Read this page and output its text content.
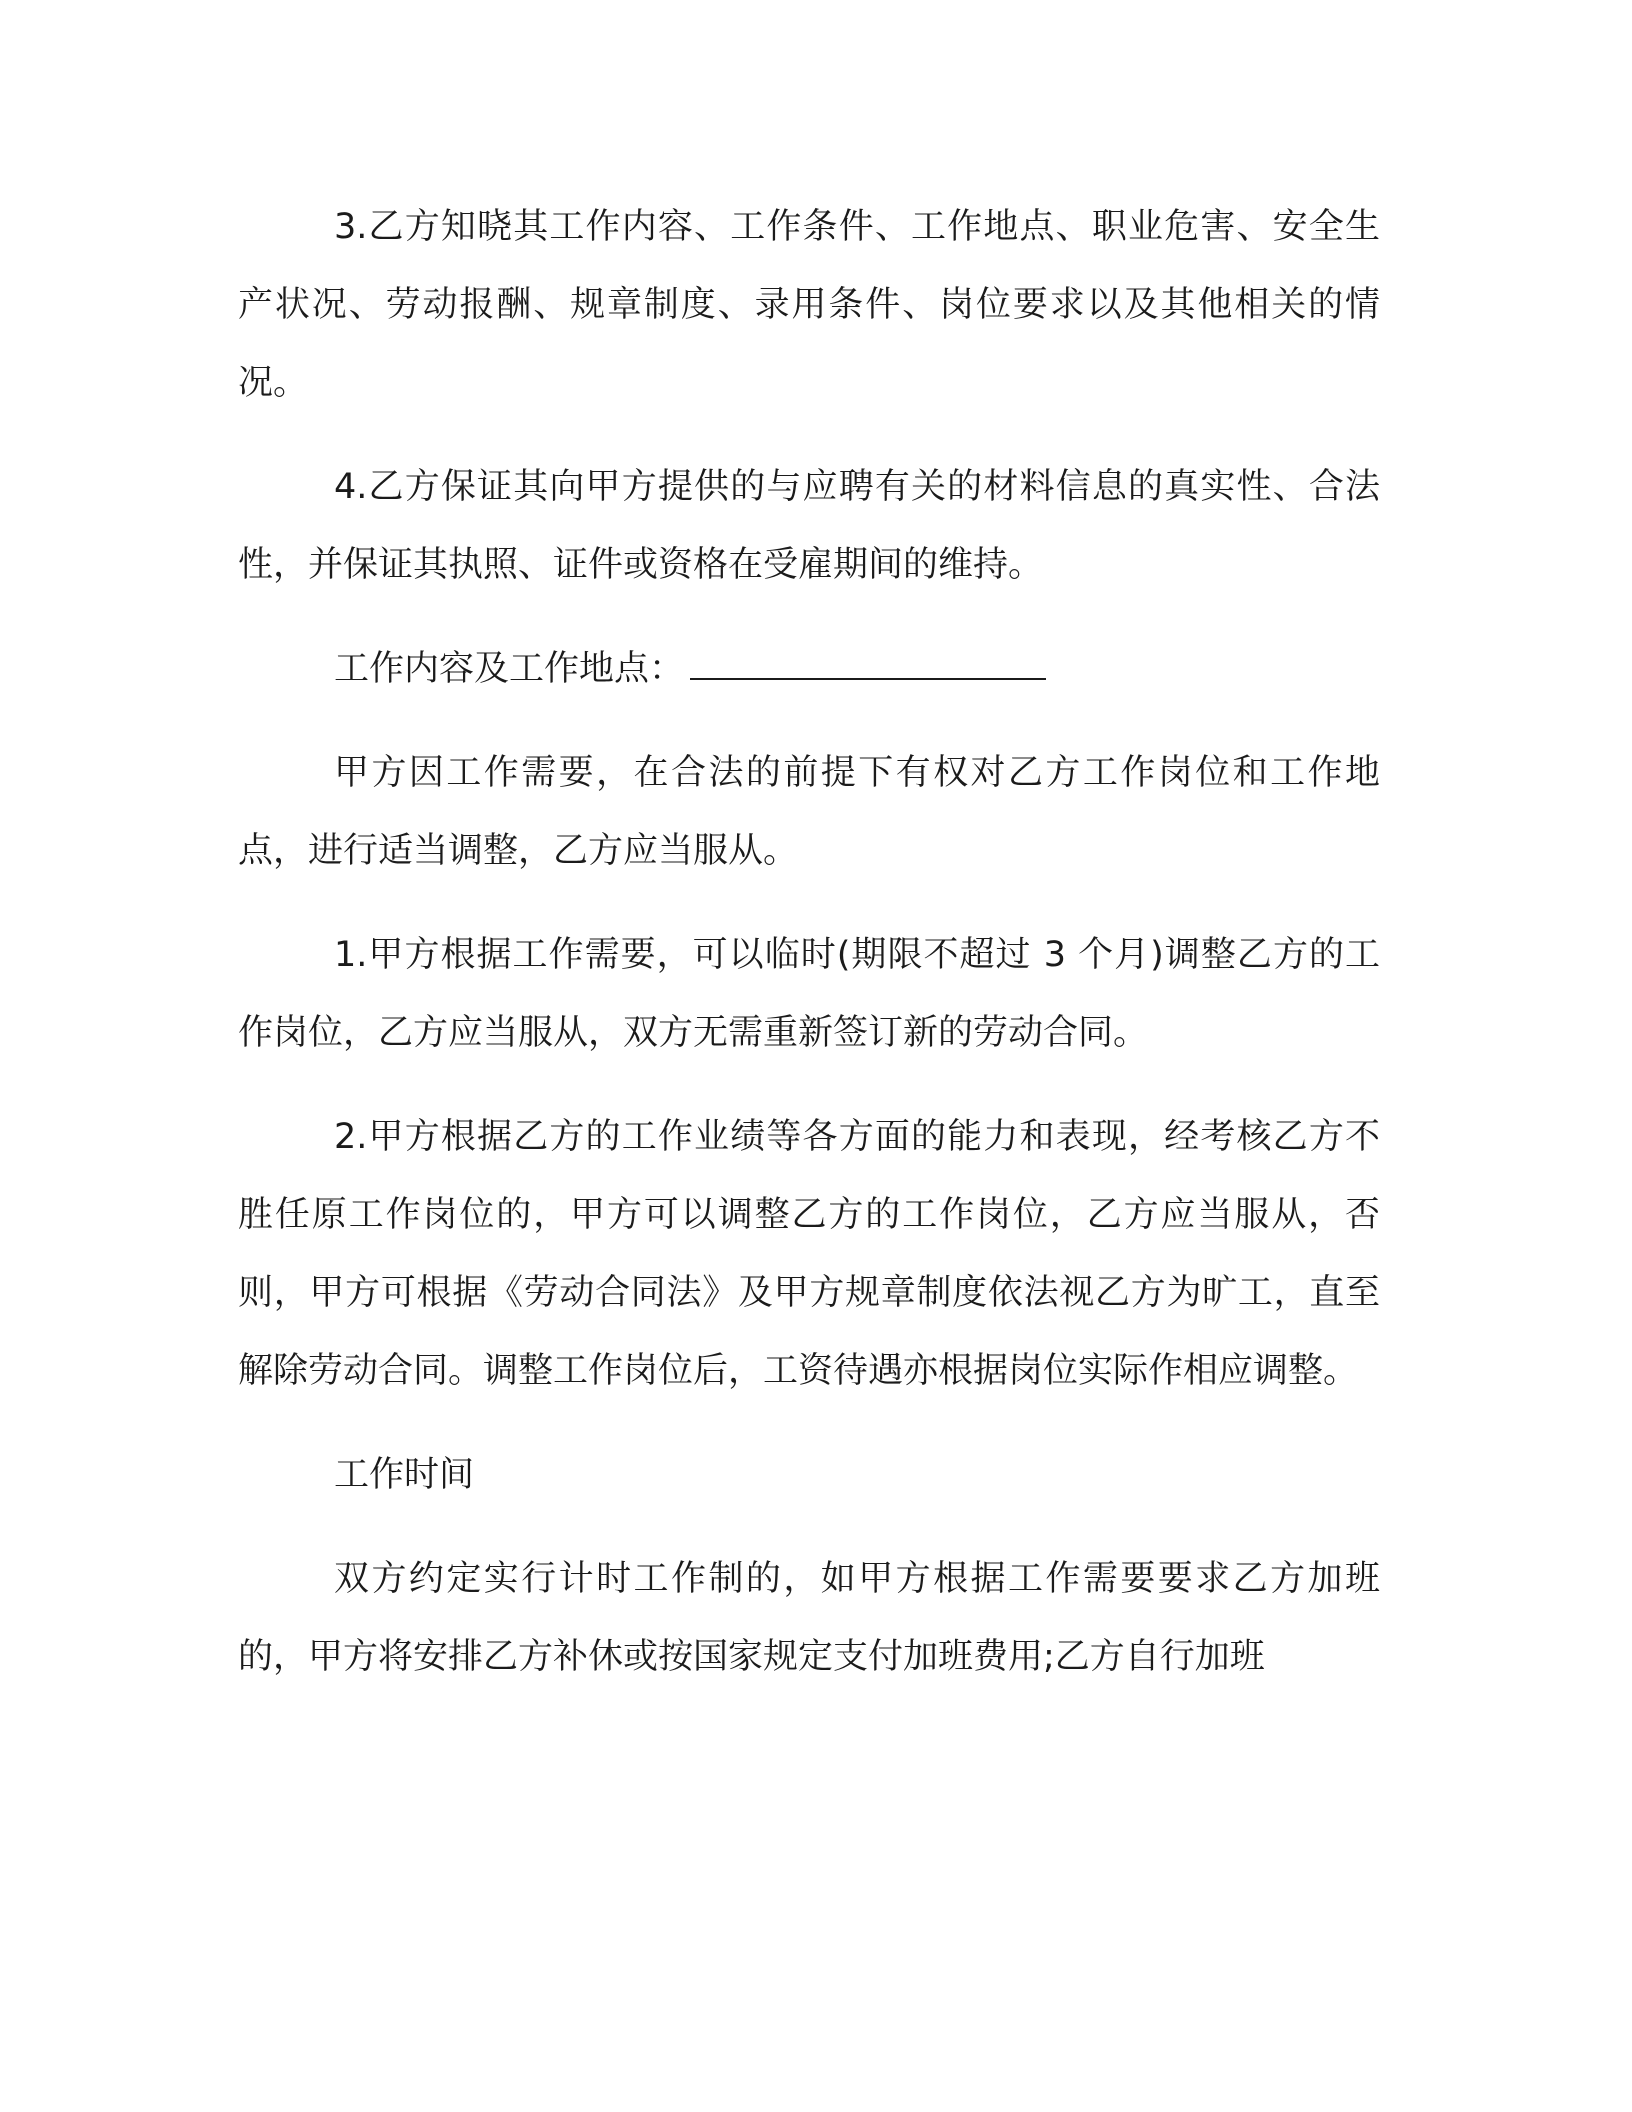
3.乙方知晓其工作内容、工作条件、工作地点、职业危害、安全生产状况、劳动报酬、规章制度、录用条件、岗位要求以及其他相关的情况。

4.乙方保证其向甲方提供的与应聘有关的材料信息的真实性、合法性，并保证其执照、证件或资格在受雇期间的维持。

工作内容及工作地点：

甲方因工作需要，在合法的前提下有权对乙方工作岗位和工作地点，进行适当调整，乙方应当服从。

1.甲方根据工作需要，可以临时(期限不超过 3 个月)调整乙方的工作岗位，乙方应当服从，双方无需重新签订新的劳动合同。

2.甲方根据乙方的工作业绩等各方面的能力和表现，经考核乙方不胜任原工作岗位的，甲方可以调整乙方的工作岗位，乙方应当服从，否则，甲方可根据《劳动合同法》及甲方规章制度依法视乙方为旷工，直至解除劳动合同。调整工作岗位后，工资待遇亦根据岗位实际作相应调整。

工作时间

双方约定实行计时工作制的，如甲方根据工作需要要求乙方加班的，甲方将安排乙方补休或按国家规定支付加班费用;乙方自行加班
